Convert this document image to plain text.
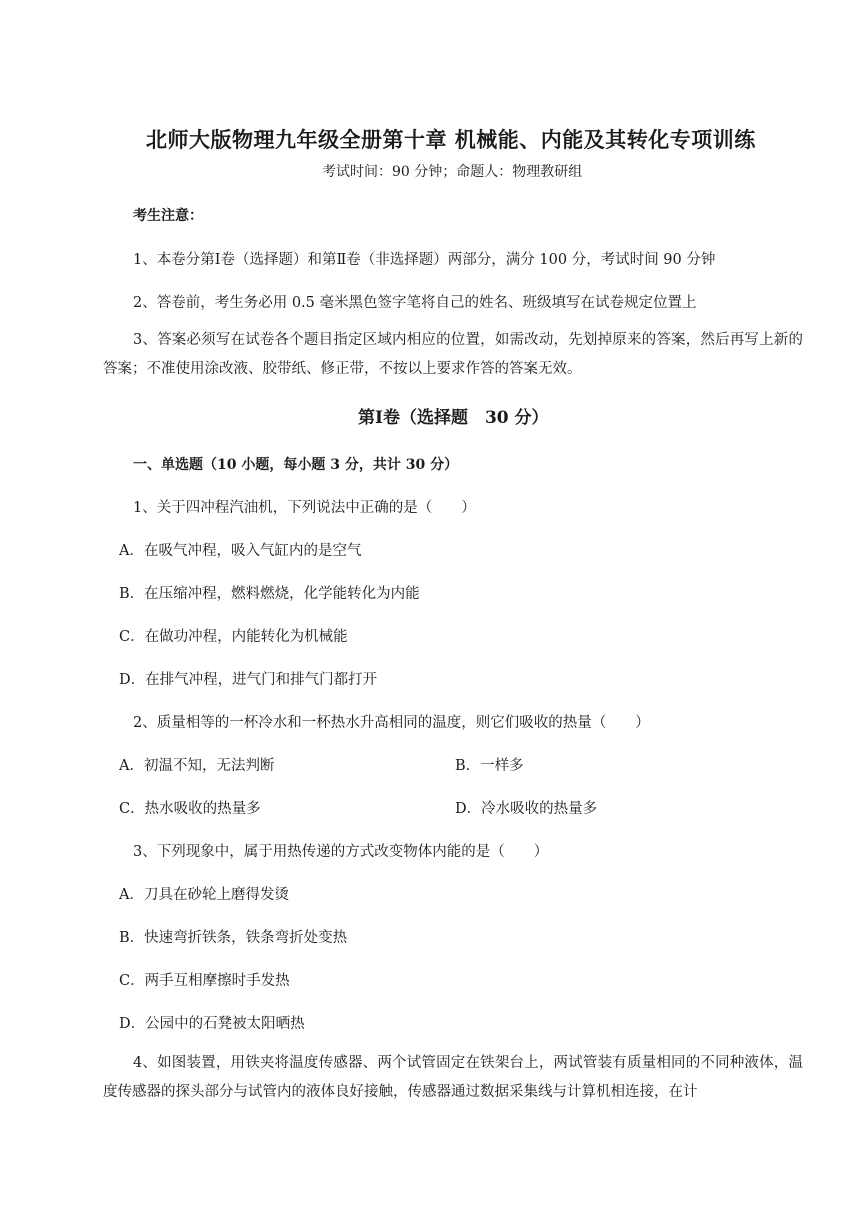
北师大版物理九年级全册第十章 机械能、内能及其转化专项训练
考试时间：90 分钟；命题人：物理教研组
考生注意：
1、本卷分第Ⅰ卷（选择题）和第Ⅱ卷（非选择题）两部分，满分 100 分，考试时间 90 分钟
2、答卷前，考生务必用 0.5 毫米黑色签字笔将自己的姓名、班级填写在试卷规定位置上
3、答案必须写在试卷各个题目指定区域内相应的位置，如需改动，先划掉原来的答案，然后再写上新的答案；不准使用涂改液、胶带纸、修正带，不按以上要求作答的答案无效。
第Ⅰ卷（选择题　30 分）
一、单选题（10 小题，每小题 3 分，共计 30 分）
1、关于四冲程汽油机，下列说法中正确的是（　　）
A．在吸气冲程，吸入气缸内的是空气
B．在压缩冲程，燃料燃烧，化学能转化为内能
C．在做功冲程，内能转化为机械能
D．在排气冲程，进气门和排气门都打开
2、质量相等的一杯冷水和一杯热水升高相同的温度，则它们吸收的热量（　　）
A．初温不知，无法判断	B．一样多
C．热水吸收的热量多	D．冷水吸收的热量多
3、下列现象中，属于用热传递的方式改变物体内能的是（　　）
A．刀具在砂轮上磨得发烫
B．快速弯折铁条，铁条弯折处变热
C．两手互相摩擦时手发热
D．公园中的石凳被太阳晒热
4、如图装置，用铁夹将温度传感器、两个试管固定在铁架台上，两试管装有质量相同的不同种液体，温度传感器的探头部分与试管内的液体良好接触，传感器通过数据采集线与计算机相连接，在计
